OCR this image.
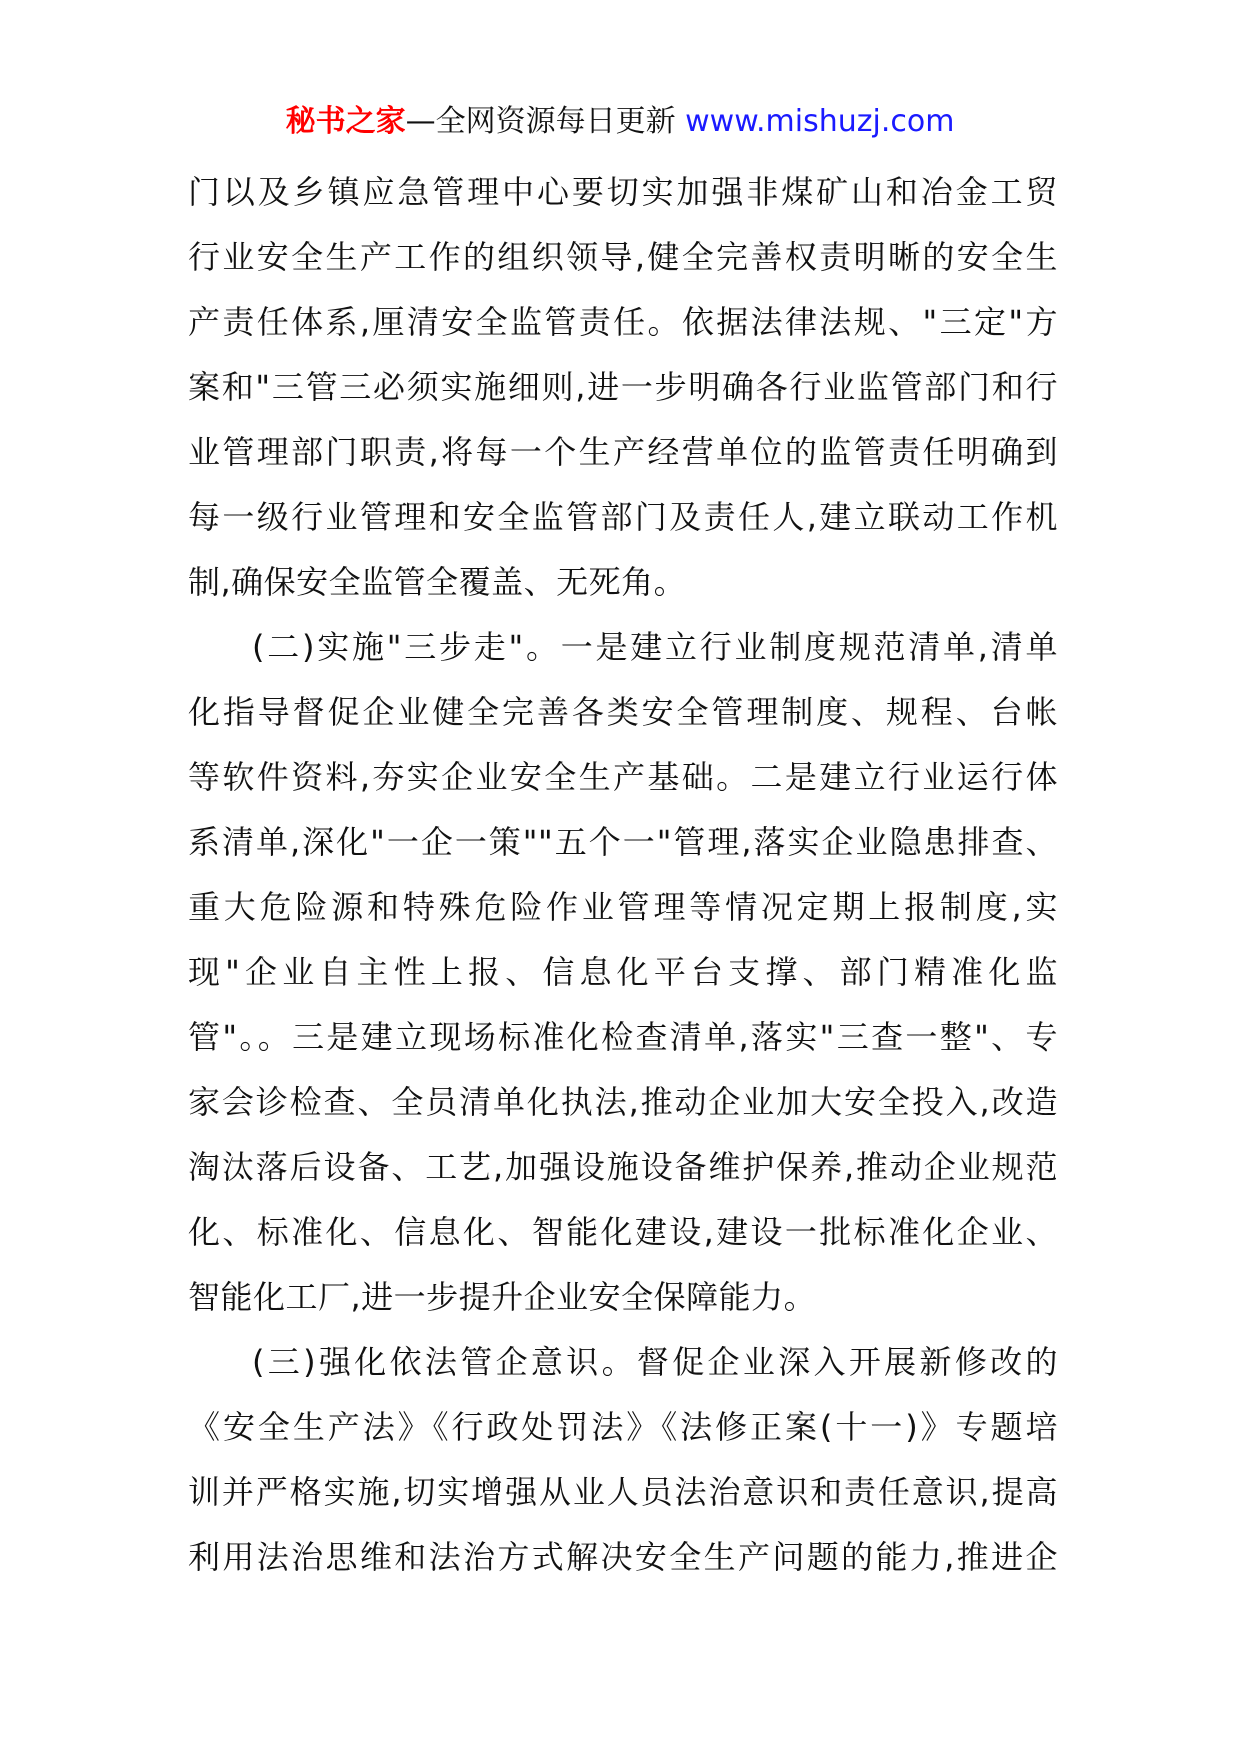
秘书之家—全网资源每日更新 www.mishuzj.com
门以及乡镇应急管理中心要切实加强非煤矿山和冶金工贸
行业安全生产工作的组织领导,健全完善权责明晰的安全生
产责任体系,厘清安全监管责任。依据法律法规、"三定"方
案和"三管三必须实施细则,进一步明确各行业监管部门和行
业管理部门职责,将每一个生产经营单位的监管责任明确到
每一级行业管理和安全监管部门及责任人,建立联动工作机
制,确保安全监管全覆盖、无死角。
(二)实施"三步走"。一是建立行业制度规范清单,清单
化指导督促企业健全完善各类安全管理制度、规程、台帐
等软件资料,夯实企业安全生产基础。二是建立行业运行体
系清单,深化"一企一策""五个一"管理,落实企业隐患排查、
重大危险源和特殊危险作业管理等情况定期上报制度,实
现"企业自主性上报、信息化平台支撑、部门精准化监
管"。。三是建立现场标准化检查清单,落实"三查一整"、专
家会诊检查、全员清单化执法,推动企业加大安全投入,改造
淘汰落后设备、工艺,加强设施设备维护保养,推动企业规范
化、标准化、信息化、智能化建设,建设一批标准化企业、
智能化工厂,进一步提升企业安全保障能力。
(三)强化依法管企意识。督促企业深入开展新修改的
《安全生产法》《行政处罚法》《法修正案(十一)》专题培
训并严格实施,切实增强从业人员法治意识和责任意识,提高
利用法治思维和法治方式解决安全生产问题的能力,推进企
